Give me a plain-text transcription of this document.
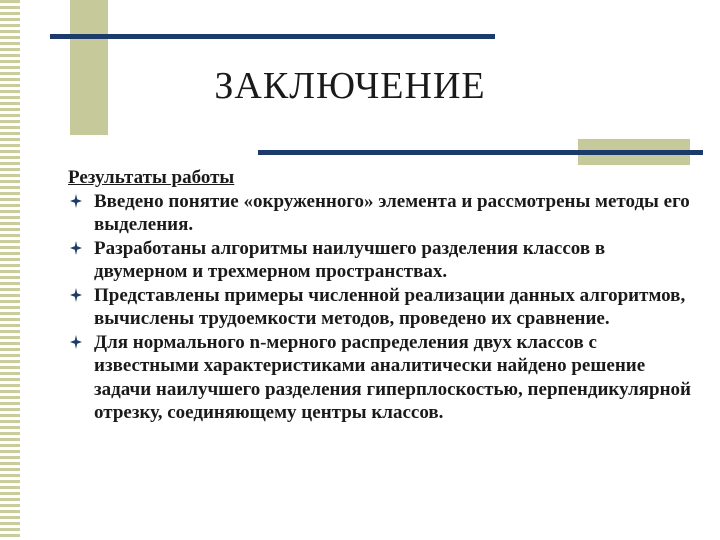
ЗАКЛЮЧЕНИЕ
Результаты работы
Введено понятие «окруженного» элемента и рассмотрены методы его выделения.
Разработаны алгоритмы наилучшего разделения классов в двумерном и трехмерном пространствах.
Представлены примеры численной реализации данных алгоритмов, вычислены трудоемкости методов, проведено их сравнение.
Для нормального n-мерного распределения двух классов с известными характеристиками аналитически найдено решение задачи наилучшего разделения гиперплоскостью, перпендикулярной отрезку, соединяющему центры классов.
